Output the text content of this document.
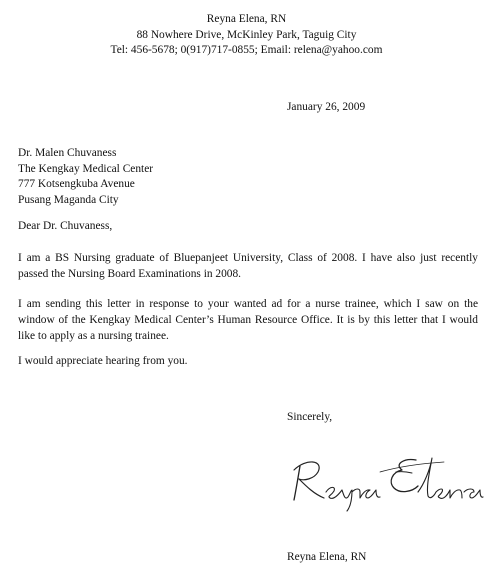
Reyna Elena, RN
88 Nowhere Drive, McKinley Park, Taguig City
Tel: 456-5678; 0(917)717-0855; Email: relena@yahoo.com
January 26, 2009
Dr. Malen Chuvaness
The Kengkay Medical Center
777 Kotsengkuba Avenue
Pusang Maganda City
Dear Dr. Chuvaness,
I am a BS Nursing graduate of Bluepanjeet University, Class of 2008. I have also just recently passed the Nursing Board Examinations in 2008.
I am sending this letter in response to your wanted ad for a nurse trainee, which I saw on the window of the Kengkay Medical Center’s Human Resource Office. It is by this letter that I would like to apply as a nursing trainee.
I would appreciate hearing from you.
Sincerely,
Reyna Elena, RN
